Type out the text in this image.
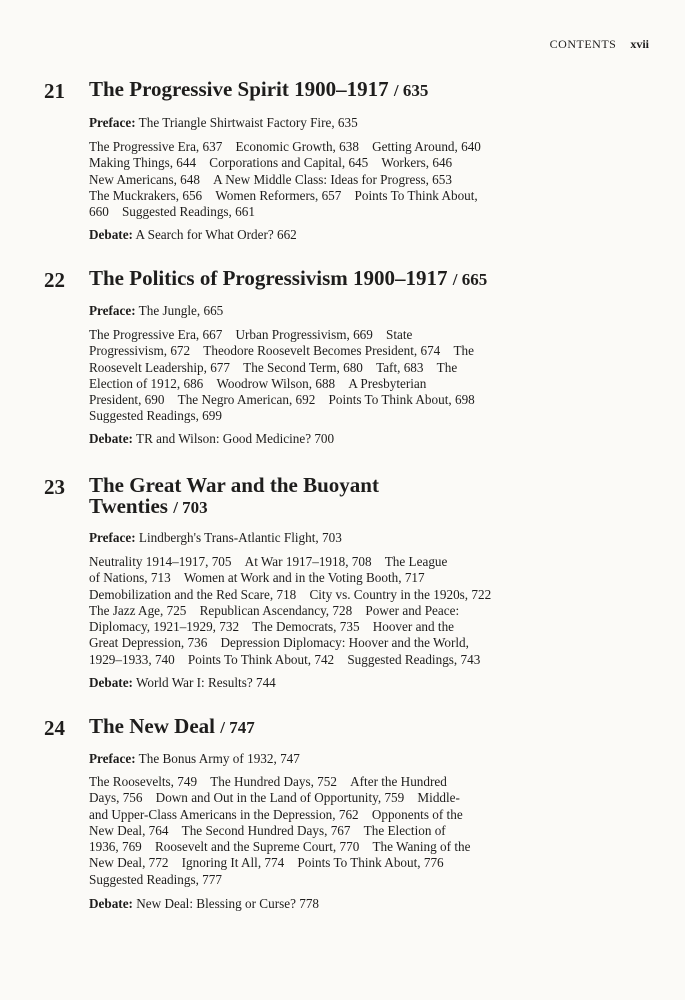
CONTENTS xvii
21 The Progressive Spirit 1900–1917 / 635
Preface: The Triangle Shirtwaist Factory Fire, 635
The Progressive Era, 637  Economic Growth, 638  Getting Around, 640
Making Things, 644  Corporations and Capital, 645  Workers, 646
New Americans, 648  A New Middle Class: Ideas for Progress, 653
The Muckrakers, 656  Women Reformers, 657  Points To Think About,
660  Suggested Readings, 661
Debate: A Search for What Order? 662
22 The Politics of Progressivism 1900–1917 / 665
Preface: The Jungle, 665
The Progressive Era, 667  Urban Progressivism, 669  State
Progressivism, 672  Theodore Roosevelt Becomes President, 674  The
Roosevelt Leadership, 677  The Second Term, 680  Taft, 683  The
Election of 1912, 686  Woodrow Wilson, 688  A Presbyterian
President, 690  The Negro American, 692  Points To Think About, 698
Suggested Readings, 699
Debate: TR and Wilson: Good Medicine? 700
23 The Great War and the Buoyant
Twenties / 703
Preface: Lindbergh's Trans-Atlantic Flight, 703
Neutrality 1914–1917, 705  At War 1917–1918, 708  The League
of Nations, 713  Women at Work and in the Voting Booth, 717
Demobilization and the Red Scare, 718  City vs. Country in the 1920s, 722
The Jazz Age, 725  Republican Ascendancy, 728  Power and Peace:
Diplomacy, 1921–1929, 732  The Democrats, 735  Hoover and the
Great Depression, 736  Depression Diplomacy: Hoover and the World,
1929–1933, 740  Points To Think About, 742  Suggested Readings, 743
Debate: World War I: Results? 744
24 The New Deal / 747
Preface: The Bonus Army of 1932, 747
The Roosevelts, 749  The Hundred Days, 752  After the Hundred
Days, 756  Down and Out in the Land of Opportunity, 759  Middle-
and Upper-Class Americans in the Depression, 762  Opponents of the
New Deal, 764  The Second Hundred Days, 767  The Election of
1936, 769  Roosevelt and the Supreme Court, 770  The Waning of the
New Deal, 772  Ignoring It All, 774  Points To Think About, 776
Suggested Readings, 777
Debate: New Deal: Blessing or Curse? 778
